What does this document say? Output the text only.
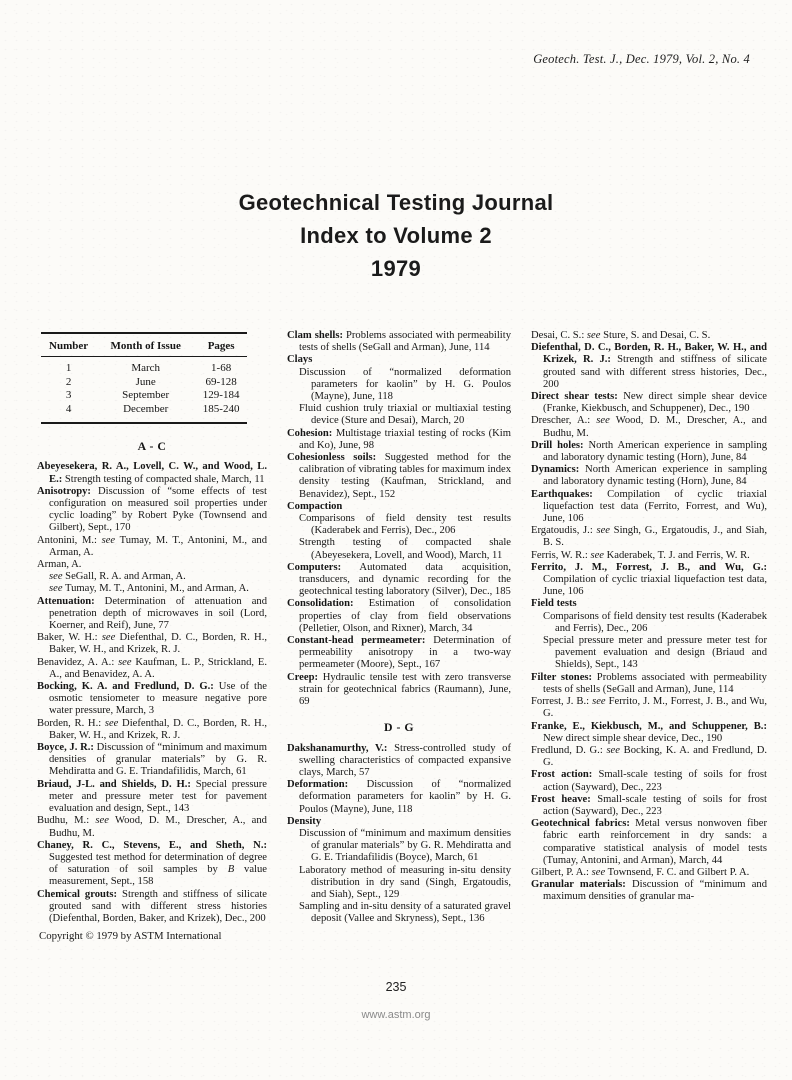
Geotech. Test. J., Dec. 1979, Vol. 2, No. 4
Geotechnical Testing Journal
Index to Volume 2
1979
Number	Month of Issue	Pages
1	March	1-68
2	June	69-128
3	September	129-184
4	December	185-240
A - C

Abeyesekera, R. A., Lovell, C. W., and Wood, L. E.: Strength testing of compacted shale, March, 11

Anisotropy: Discussion of “some effects of test configuration on measured soil properties under cyclic loading” by Robert Pyke (Townsend and Gilbert), Sept., 170

Antonini, M.: see Tumay, M. T., Antonini, M., and Arman, A.

Arman, A.

see SeGall, R. A. and Arman, A.

see Tumay, M. T., Antonini, M., and Arman, A.

Attenuation: Determination of attenuation and penetration depth of microwaves in soil (Lord, Koerner, and Reif), June, 77

Baker, W. H.: see Diefenthal, D. C., Borden, R. H., Baker, W. H., and Krizek, R. J.

Benavidez, A. A.: see Kaufman, L. P., Strickland, E. A., and Benavidez, A. A.

Bocking, K. A. and Fredlund, D. G.: Use of the osmotic tensiometer to measure negative pore water pressure, March, 3

Borden, R. H.: see Diefenthal, D. C., Borden, R. H., Baker, W. H., and Krizek, R. J.

Boyce, J. R.: Discussion of “minimum and maximum densities of granular materials” by G. R. Mehdiratta and G. E. Triandafilidis, March, 61

Briaud, J-L. and Shields, D. H.: Special pressure meter and pressure meter test for pavement evaluation and design, Sept., 143

Budhu, M.: see Wood, D. M., Drescher, A., and Budhu, M.

Chaney, R. C., Stevens, E., and Sheth, N.: Suggested test method for determination of degree of saturation of soil samples by B value measurement, Sept., 158

Chemical grouts: Strength and stiffness of silicate grouted sand with different stress histories (Diefenthal, Borden, Baker, and Krizek), Dec., 200

Copyright © 1979 by ASTM International

Clam shells: Problems associated with permeability tests of shells (SeGall and Arman), June, 114

Clays

Discussion of “normalized deformation parameters for kaolin” by H. G. Poulos (Mayne), June, 118

Fluid cushion truly triaxial or multiaxial testing device (Sture and Desai), March, 20

Cohesion: Multistage triaxial testing of rocks (Kim and Ko), June, 98

Cohesionless soils: Suggested method for the calibration of vibrating tables for maximum index density testing (Kaufman, Strickland, and Benavidez), Sept., 152

Compaction

Comparisons of field density test results (Kaderabek and Ferris), Dec., 206

Strength testing of compacted shale (Abeyesekera, Lovell, and Wood), March, 11

Computers: Automated data acquisition, transducers, and dynamic recording for the geotechnical testing laboratory (Silver), Dec., 185

Consolidation: Estimation of consolidation properties of clay from field observations (Pelletier, Olson, and Rixner), March, 34

Constant-head permeameter: Determination of permeability anisotropy in a two-way permeameter (Moore), Sept., 167

Creep: Hydraulic tensile test with zero transverse strain for geotechnical fabrics (Raumann), June, 69

D - G

Dakshanamurthy, V.: Stress-controlled study of swelling characteristics of compacted expansive clays, March, 57

Deformation: Discussion of “normalized deformation parameters for kaolin” by H. G. Poulos (Mayne), June, 118

Density

Discussion of “minimum and maximum densities of granular materials” by G. R. Mehdiratta and G. E. Triandafilidis (Boyce), March, 61

Laboratory method of measuring in-situ density distribution in dry sand (Singh, Ergatoudis, and Siah), Sept., 129

Sampling and in-situ density of a saturated gravel deposit (Vallee and Skryness), Sept., 136

Desai, C. S.: see Sture, S. and Desai, C. S.

Diefenthal, D. C., Borden, R. H., Baker, W. H., and Krizek, R. J.: Strength and stiffness of silicate grouted sand with different stress histories, Dec., 200

Direct shear tests: New direct simple shear device (Franke, Kiekbusch, and Schuppener), Dec., 190

Drescher, A.: see Wood, D. M., Drescher, A., and Budhu, M.

Drill holes: North American experience in sampling and laboratory dynamic testing (Horn), June, 84

Dynamics: North American experience in sampling and laboratory dynamic testing (Horn), June, 84

Earthquakes: Compilation of cyclic triaxial liquefaction test data (Ferrito, Forrest, and Wu), June, 106

Ergatoudis, J.: see Singh, G., Ergatoudis, J., and Siah, B. S.

Ferris, W. R.: see Kaderabek, T. J. and Ferris, W. R.

Ferrito, J. M., Forrest, J. B., and Wu, G.: Compilation of cyclic triaxial liquefaction test data, June, 106

Field tests

Comparisons of field density test results (Kaderabek and Ferris), Dec., 206

Special pressure meter and pressure meter test for pavement evaluation and design (Briaud and Shields), Sept., 143

Filter stones: Problems associated with permeability tests of shells (SeGall and Arman), June, 114

Forrest, J. B.: see Ferrito, J. M., Forrest, J. B., and Wu, G.

Franke, E., Kiekbusch, M., and Schuppener, B.: New direct simple shear device, Dec., 190

Fredlund, D. G.: see Bocking, K. A. and Fredlund, D. G.

Frost action: Small-scale testing of soils for frost action (Sayward), Dec., 223

Frost heave: Small-scale testing of soils for frost action (Sayward), Dec., 223

Geotechnical fabrics: Metal versus nonwoven fiber fabric earth reinforcement in dry sands: a comparative statistical analysis of model tests (Tumay, Antonini, and Arman), March, 44

Gilbert, P. A.: see Townsend, F. C. and Gilbert P. A.

Granular materials: Discussion of “minimum and maximum densities of granular ma-

235
www.astm.org
